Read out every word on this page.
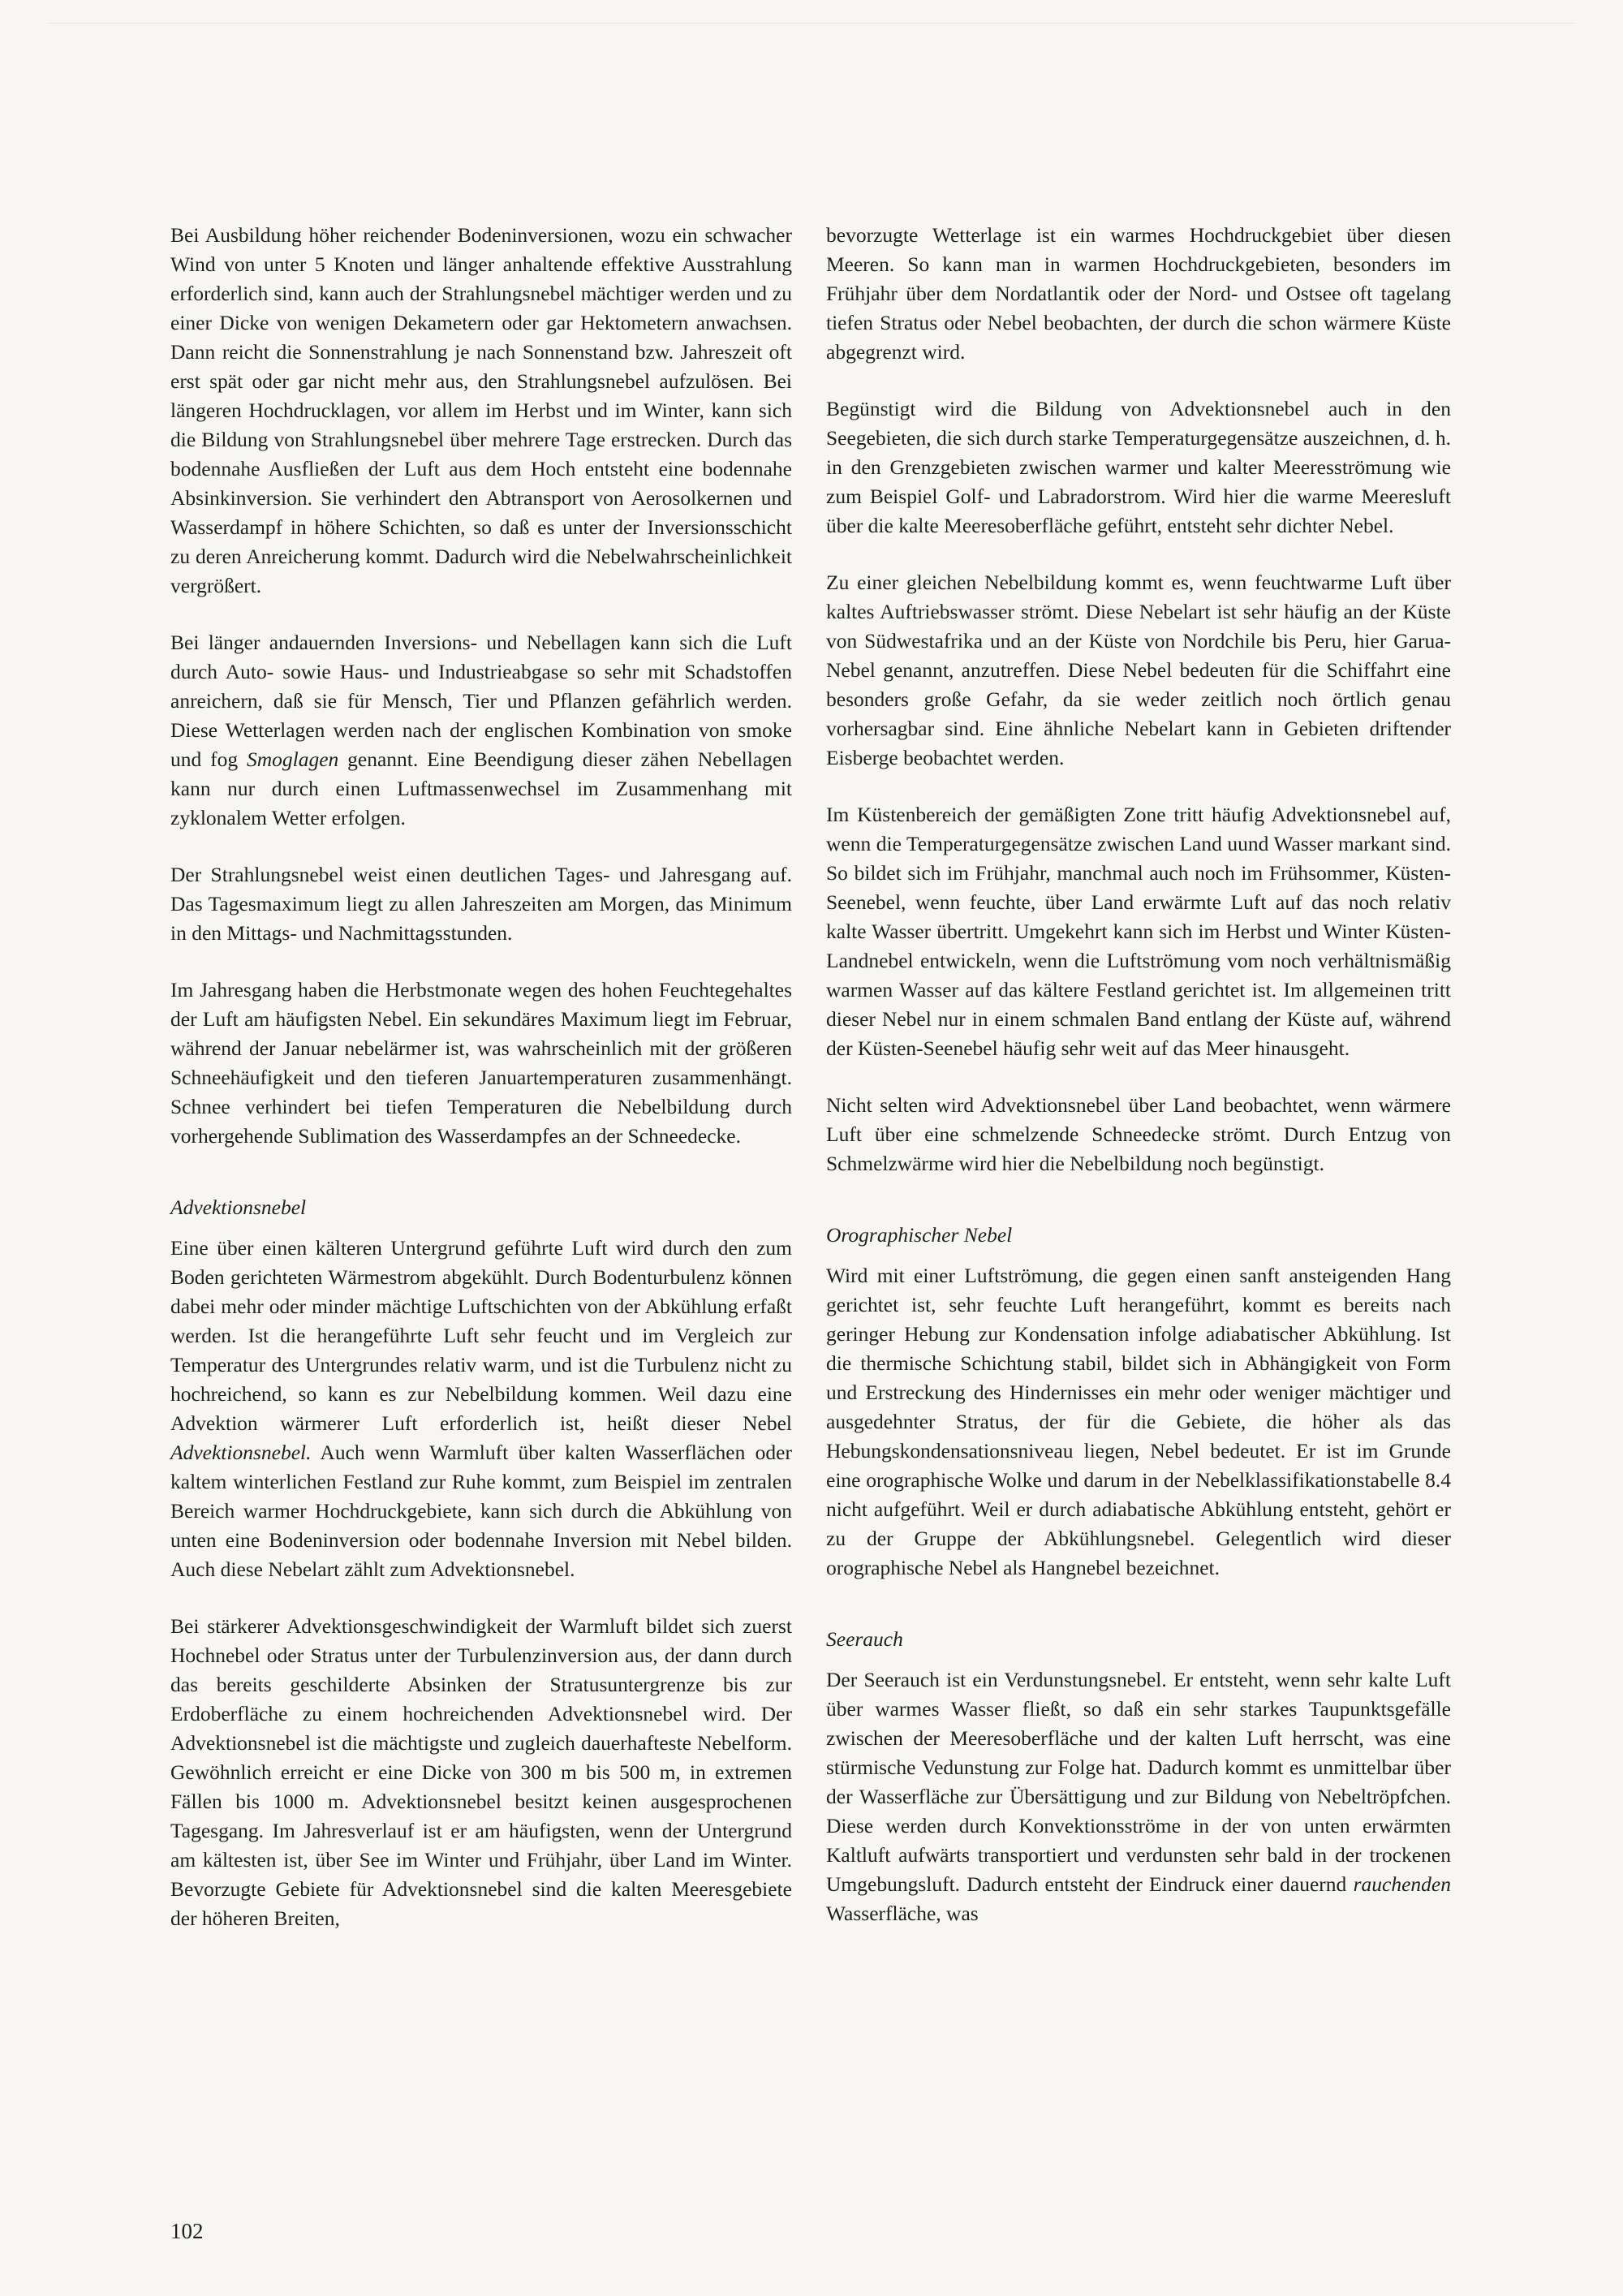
Bei Ausbildung höher reichender Bodeninversionen, wozu ein schwacher Wind von unter 5 Knoten und länger anhaltende effektive Ausstrahlung erforderlich sind, kann auch der Strahlungsnebel mächtiger werden und zu einer Dicke von wenigen Dekametern oder gar Hektometern anwachsen. Dann reicht die Sonnenstrahlung je nach Sonnenstand bzw. Jahreszeit oft erst spät oder gar nicht mehr aus, den Strahlungsnebel aufzulösen. Bei längeren Hochdrucklagen, vor allem im Herbst und im Winter, kann sich die Bildung von Strahlungsnebel über mehrere Tage erstrecken. Durch das bodennahe Ausfließen der Luft aus dem Hoch entsteht eine bodennahe Absinkinversion. Sie verhindert den Abtransport von Aerosolkernen und Wasserdampf in höhere Schichten, so daß es unter der Inversionsschicht zu deren Anreicherung kommt. Dadurch wird die Nebelwahrscheinlichkeit vergrößert.

Bei länger andauernden Inversions- und Nebellagen kann sich die Luft durch Auto- sowie Haus- und Industrieabgase so sehr mit Schadstoffen anreichern, daß sie für Mensch, Tier und Pflanzen gefährlich werden. Diese Wetterlagen werden nach der englischen Kombination von smoke und fog Smoglagen genannt. Eine Beendigung dieser zähen Nebellagen kann nur durch einen Luftmassenwechsel im Zusammenhang mit zyklonalem Wetter erfolgen.

Der Strahlungsnebel weist einen deutlichen Tages- und Jahresgang auf. Das Tagesmaximum liegt zu allen Jahreszeiten am Morgen, das Minimum in den Mittags- und Nachmittagsstunden.

Im Jahresgang haben die Herbstmonate wegen des hohen Feuchtegehaltes der Luft am häufigsten Nebel. Ein sekundäres Maximum liegt im Februar, während der Januar nebelärmer ist, was wahrscheinlich mit der größeren Schneehäufigkeit und den tieferen Januartemperaturen zusammenhängt. Schnee verhindert bei tiefen Temperaturen die Nebelbildung durch vorhergehende Sublimation des Wasserdampfes an der Schneedecke.

Advektionsnebel

Eine über einen kälteren Untergrund geführte Luft wird durch den zum Boden gerichteten Wärmestrom abgekühlt. Durch Bodenturbulenz können dabei mehr oder minder mächtige Luftschichten von der Abkühlung erfaßt werden. Ist die herangeführte Luft sehr feucht und im Vergleich zur Temperatur des Untergrundes relativ warm, und ist die Turbulenz nicht zu hochreichend, so kann es zur Nebelbildung kommen. Weil dazu eine Advektion wärmerer Luft erforderlich ist, heißt dieser Nebel Advektionsnebel. Auch wenn Warmluft über kalten Wasserflächen oder kaltem winterlichen Festland zur Ruhe kommt, zum Beispiel im zentralen Bereich warmer Hochdruckgebiete, kann sich durch die Abkühlung von unten eine Bodeninversion oder bodennahe Inversion mit Nebel bilden. Auch diese Nebelart zählt zum Advektionsnebel.

Bei stärkerer Advektionsgeschwindigkeit der Warmluft bildet sich zuerst Hochnebel oder Stratus unter der Turbulenzinversion aus, der dann durch das bereits geschilderte Absinken der Stratusuntergrenze bis zur Erdoberfläche zu einem hochreichenden Advektionsnebel wird. Der Advektionsnebel ist die mächtigste und zugleich dauerhafteste Nebelform. Gewöhnlich erreicht er eine Dicke von 300 m bis 500 m, in extremen Fällen bis 1000 m. Advektionsnebel besitzt keinen ausgesprochenen Tagesgang. Im Jahresverlauf ist er am häufigsten, wenn der Untergrund am kältesten ist, über See im Winter und Frühjahr, über Land im Winter. Bevorzugte Gebiete für Advektionsnebel sind die kalten Meeresgebiete der höheren Breiten,

bevorzugte Wetterlage ist ein warmes Hochdruckgebiet über diesen Meeren. So kann man in warmen Hochdruckgebieten, besonders im Frühjahr über dem Nordatlantik oder der Nord- und Ostsee oft tagelang tiefen Stratus oder Nebel beobachten, der durch die schon wärmere Küste abgegrenzt wird.

Begünstigt wird die Bildung von Advektionsnebel auch in den Seegebieten, die sich durch starke Temperaturgegensätze auszeichnen, d. h. in den Grenzgebieten zwischen warmer und kalter Meeresströmung wie zum Beispiel Golf- und Labradorstrom. Wird hier die warme Meeresluft über die kalte Meeresoberfläche geführt, entsteht sehr dichter Nebel.

Zu einer gleichen Nebelbildung kommt es, wenn feuchtwarme Luft über kaltes Auftriebswasser strömt. Diese Nebelart ist sehr häufig an der Küste von Südwestafrika und an der Küste von Nordchile bis Peru, hier Garua-Nebel genannt, anzutreffen. Diese Nebel bedeuten für die Schiffahrt eine besonders große Gefahr, da sie weder zeitlich noch örtlich genau vorhersagbar sind. Eine ähnliche Nebelart kann in Gebieten driftender Eisberge beobachtet werden.

Im Küstenbereich der gemäßigten Zone tritt häufig Advektionsnebel auf, wenn die Temperaturgegensätze zwischen Land uund Wasser markant sind. So bildet sich im Frühjahr, manchmal auch noch im Frühsommer, Küsten-Seenebel, wenn feuchte, über Land erwärmte Luft auf das noch relativ kalte Wasser übertritt. Umgekehrt kann sich im Herbst und Winter Küsten-Landnebel entwickeln, wenn die Luftströmung vom noch verhältnismäßig warmen Wasser auf das kältere Festland gerichtet ist. Im allgemeinen tritt dieser Nebel nur in einem schmalen Band entlang der Küste auf, während der Küsten-Seenebel häufig sehr weit auf das Meer hinausgeht.

Nicht selten wird Advektionsnebel über Land beobachtet, wenn wärmere Luft über eine schmelzende Schneedecke strömt. Durch Entzug von Schmelzwärme wird hier die Nebelbildung noch begünstigt.

Orographischer Nebel

Wird mit einer Luftströmung, die gegen einen sanft ansteigenden Hang gerichtet ist, sehr feuchte Luft herangeführt, kommt es bereits nach geringer Hebung zur Kondensation infolge adiabatischer Abkühlung. Ist die thermische Schichtung stabil, bildet sich in Abhängigkeit von Form und Erstreckung des Hindernisses ein mehr oder weniger mächtiger und ausgedehnter Stratus, der für die Gebiete, die höher als das Hebungskondensationsniveau liegen, Nebel bedeutet. Er ist im Grunde eine orographische Wolke und darum in der Nebelklassifikationstabelle 8.4 nicht aufgeführt. Weil er durch adiabatische Abkühlung entsteht, gehört er zu der Gruppe der Abkühlungsnebel. Gelegentlich wird dieser orographische Nebel als Hangnebel bezeichnet.

Seerauch

Der Seerauch ist ein Verdunstungsnebel. Er entsteht, wenn sehr kalte Luft über warmes Wasser fließt, so daß ein sehr starkes Taupunktsgefälle zwischen der Meeresoberfläche und der kalten Luft herrscht, was eine stürmische Vedunstung zur Folge hat. Dadurch kommt es unmittelbar über der Wasserfläche zur Übersättigung und zur Bildung von Nebeltröpfchen. Diese werden durch Konvektionsströme in der von unten erwärmten Kaltluft aufwärts transportiert und verdunsten sehr bald in der trockenen Umgebungsluft. Dadurch entsteht der Eindruck einer dauernd rauchenden Wasserfläche, was

102
